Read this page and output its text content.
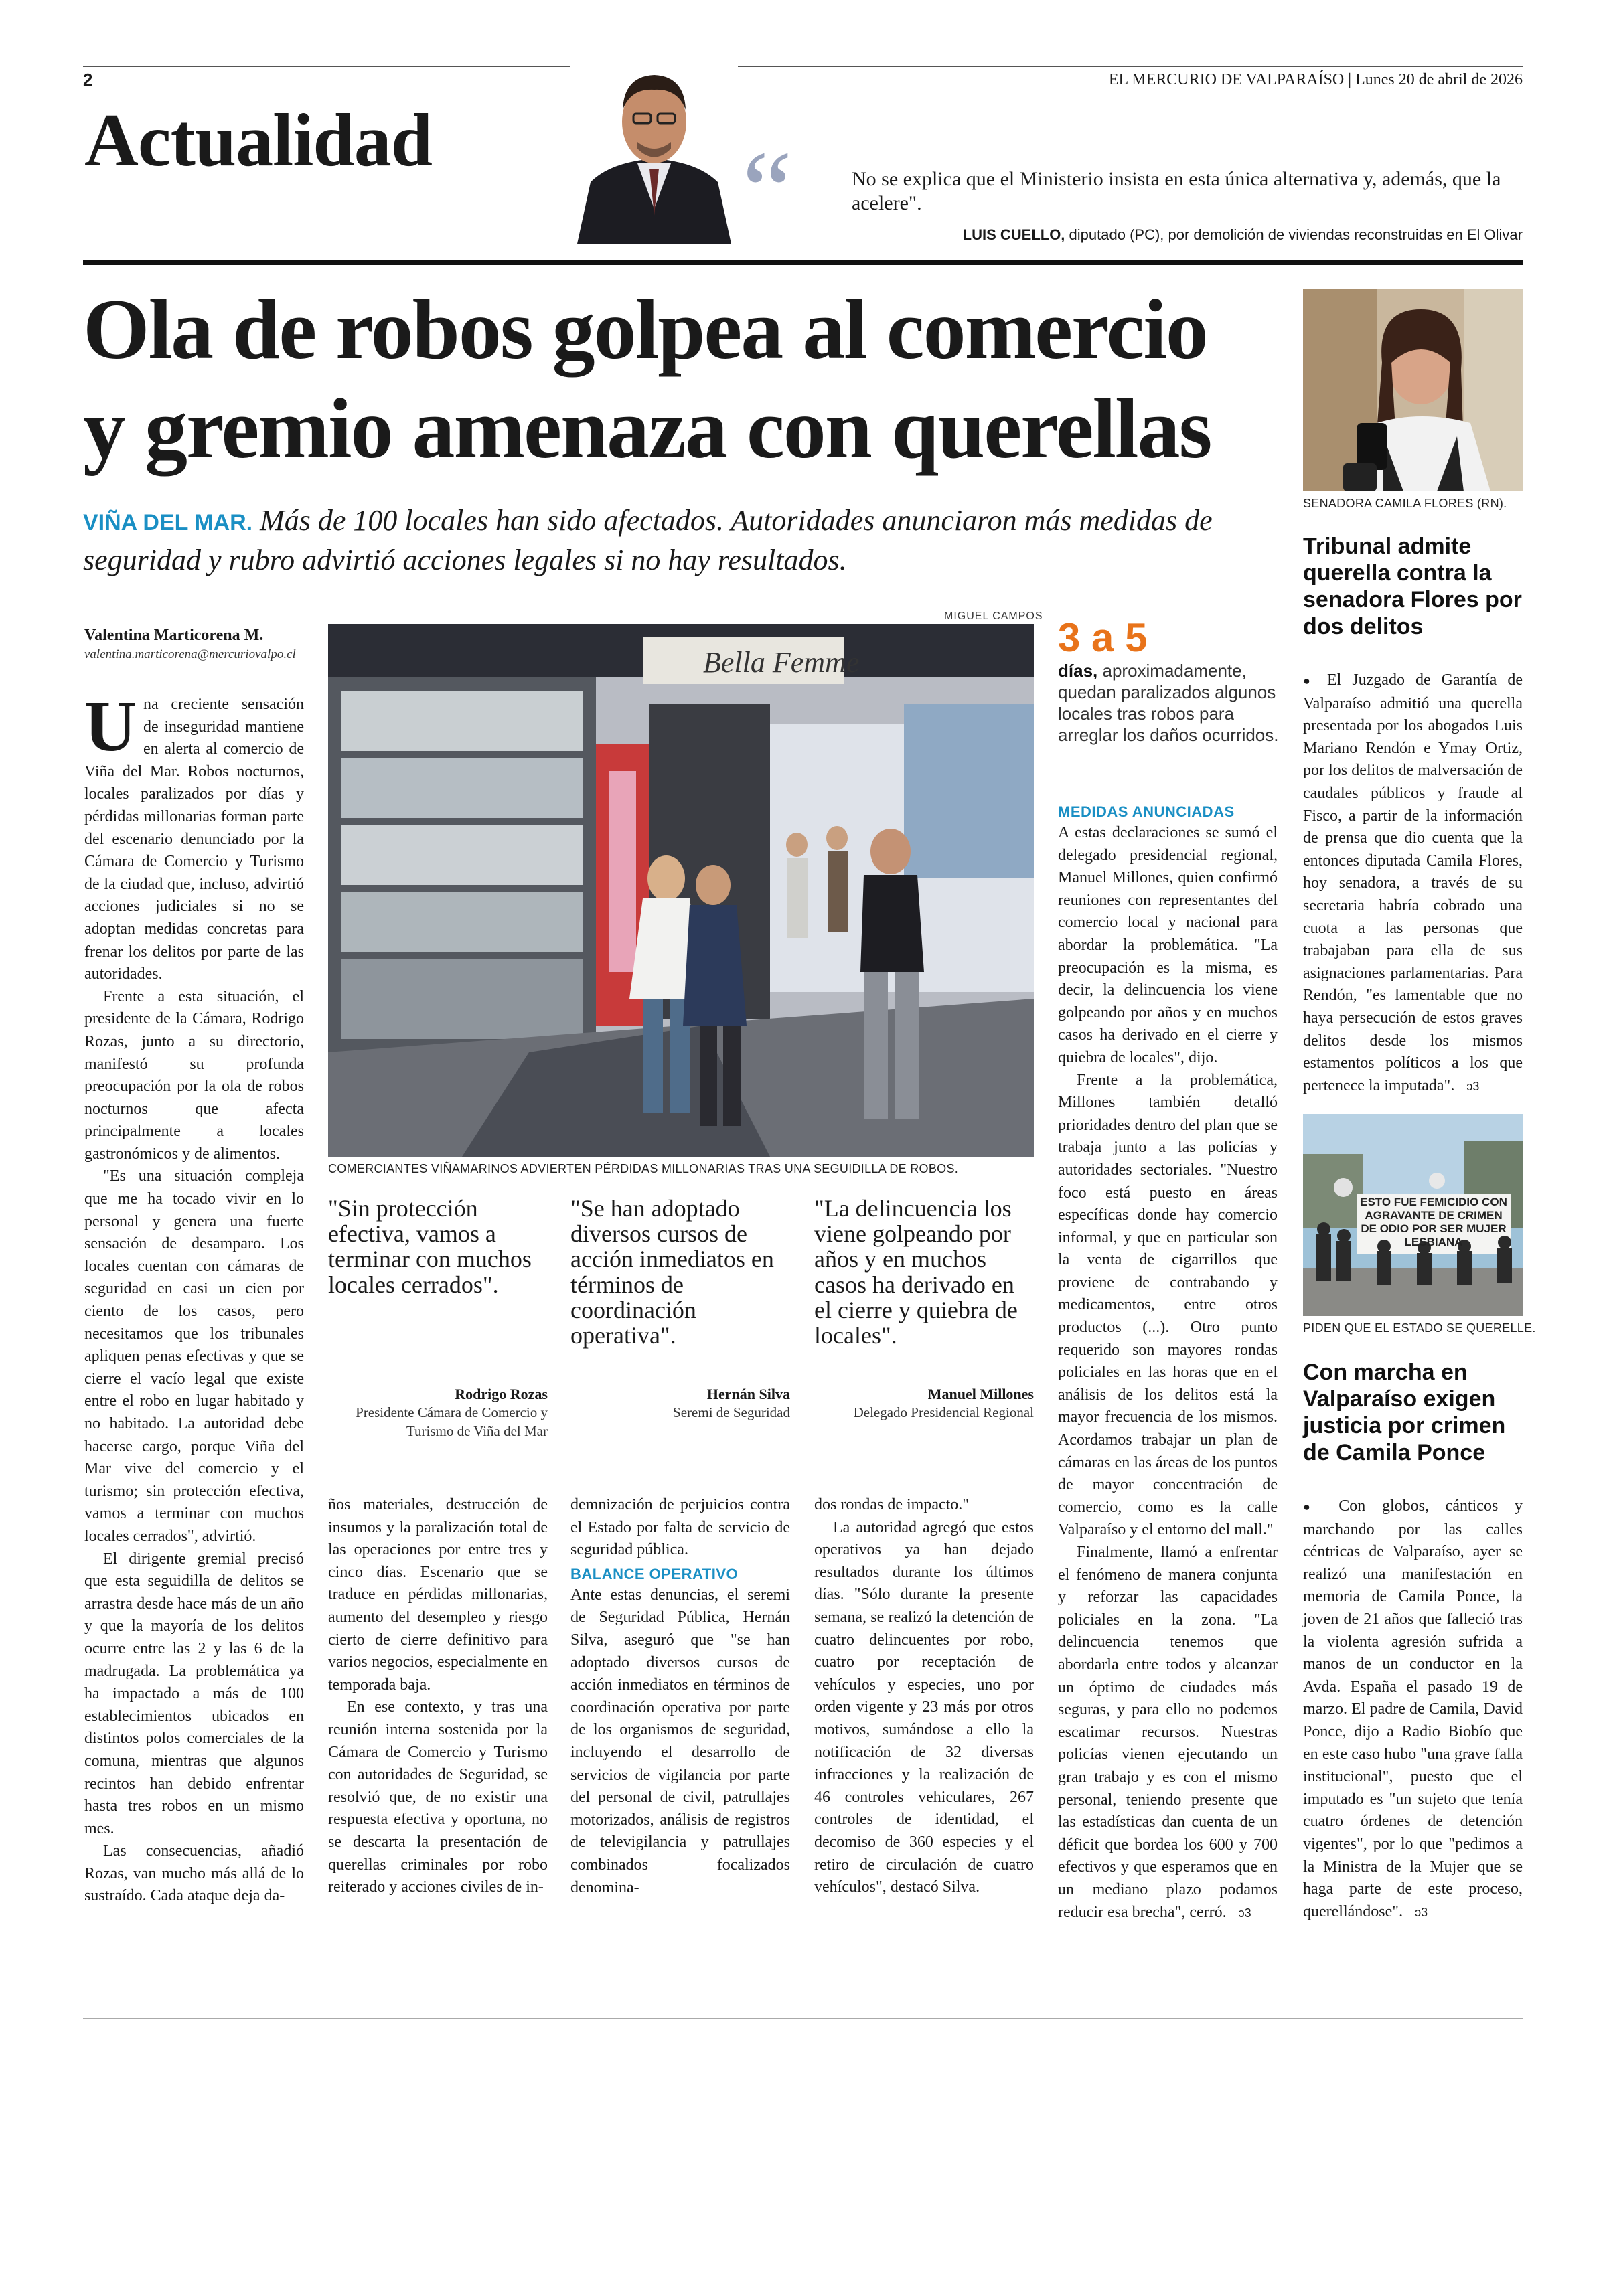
2	EL MERCURIO DE VALPARAÍSO | Lunes 20 de abril de 2026
Actualidad	“	No se explica que el Ministerio insista en esta única alternativa y, además, que la acelere".
LUIS CUELLO, diputado (PC), por demolición de viviendas reconstruidas en El Olivar
Ola de robos golpea al comercio
y gremio amenaza con querellas
VIÑA DEL MAR. Más de 100 locales han sido afectados. Autoridades anunciaron más medidas de seguridad y rubro advirtió acciones legales si no hay resultados.
Valentina Marticorena M.
valentina.marticorena@mercuriovalpo.cl
U na creciente sensación de inseguridad mantiene en alerta al comercio de Viña del Mar. Robos nocturnos, locales paralizados por días y pérdidas millonarias forman parte del escenario denunciado por la Cámara de Comercio y Turismo de la ciudad que, incluso, advirtió acciones judiciales si no se adoptan medidas concretas para frenar los delitos por parte de las autoridades.

Frente a esta situación, el presidente de la Cámara, Rodrigo Rozas, junto a su directorio, manifestó su profunda preocupación por la ola de robos nocturnos que afecta principalmente a locales gastronómicos y de alimentos.

"Es una situación compleja que me ha tocado vivir en lo personal y genera una fuerte sensación de desamparo. Los locales cuentan con cámaras de seguridad en casi un cien por ciento de los casos, pero necesitamos que los tribunales apliquen penas efectivas y que se cierre el vacío legal que existe entre el robo en lugar habitado y no habitado. La autoridad debe hacerse cargo, porque Viña del Mar vive del comercio y el turismo; sin protección efectiva, vamos a terminar con muchos locales cerrados", advirtió.

El dirigente gremial precisó que esta seguidilla de delitos se arrastra desde hace más de un año y que la mayoría de los delitos ocurre entre las 2 y las 6 de la madrugada. La problemática ya ha impactado a más de 100 establecimientos ubicados en distintos polos comerciales de la comuna, mientras que algunos recintos han debido enfrentar hasta tres robos en un mismo mes.

Las consecuencias, añadió Rozas, van mucho más allá de lo sustraído. Cada ataque deja da-

MIGUEL CAMPOS
Bella Femme
COMERCIANTES VIÑAMARINOS ADVIERTEN PÉRDIDAS MILLONARIAS TRAS UNA SEGUIDILLA DE ROBOS.
"Sin protección efectiva, vamos a terminar con muchos locales cerrados".
Rodrigo Rozas
Presidente Cámara de Comercio y Turismo de Viña del Mar
"Se han adoptado diversos cursos de acción inmediatos en términos de coordinación operativa".
Hernán Silva
Seremi de Seguridad
"La delincuencia los viene golpeando por años y en muchos casos ha derivado en el cierre y quiebra de locales".
Manuel Millones
Delegado Presidencial Regional

ños materiales, destrucción de insumos y la paralización total de las operaciones por entre tres y cinco días. Escenario que se traduce en pérdidas millonarias, aumento del desempleo y riesgo cierto de cierre definitivo para varios negocios, especialmente en temporada baja.

En ese contexto, y tras una reunión interna sostenida por la Cámara de Comercio y Turismo con autoridades de Seguridad, se resolvió que, de no existir una respuesta efectiva y oportuna, no se descarta la presentación de querellas criminales por robo reiterado y acciones civiles de in-

demnización de perjuicios contra el Estado por falta de servicio de seguridad pública.

BALANCE OPERATIVO

Ante estas denuncias, el seremi de Seguridad Pública, Hernán Silva, aseguró que "se han adoptado diversos cursos de acción inmediatos en términos de coordinación operativa por parte de los organismos de seguridad, incluyendo el desarrollo de servicios de vigilancia por parte del personal de civil, patrullajes motorizados, análisis de registros de televigilancia y patrullajes combinados focalizados denomina-

dos rondas de impacto."

La autoridad agregó que estos operativos ya han dejado resultados durante los últimos días. "Sólo durante la presente semana, se realizó la detención de cuatro delincuentes por robo, cuatro por receptación de vehículos y especies, uno por orden vigente y 23 más por otros motivos, sumándose a ello la notificación de 32 diversas infracciones y la realización de 46 controles vehiculares, 267 controles de identidad, el decomiso de 360 especies y el retiro de circulación de cuatro vehículos", destacó Silva.

3 a 5
días, aproximadamente, quedan paralizados algunos locales tras robos para arreglar los daños ocurridos.
MEDIDAS ANUNCIADAS

A estas declaraciones se sumó el delegado presidencial regional, Manuel Millones, quien confirmó reuniones con representantes del comercio local y nacional para abordar la problemática. "La preocupación es la misma, es decir, la delincuencia los viene golpeando por años y en muchos casos ha derivado en el cierre y quiebra de locales", dijo.

Frente a la problemática, Millones también detalló prioridades dentro del plan que se trabaja junto a las policías y autoridades sectoriales. "Nuestro foco está puesto en áreas específicas donde hay comercio informal, y que en particular son la venta de cigarrillos que proviene de contrabando y medicamentos, entre otros productos (...). Otro punto requerido son mayores rondas policiales en las horas que en el análisis de los delitos está la mayor frecuencia de los mismos. Acordamos trabajar un plan de cámaras en las áreas de los puntos de mayor concentración de comercio, como es la calle Valparaíso y el entorno del mall."

Finalmente, llamó a enfrentar el fenómeno de manera conjunta y reforzar las capacidades policiales en la zona. "La delincuencia tenemos que abordarla entre todos y alcanzar un óptimo de ciudades más seguras, y para ello no podemos escatimar recursos. Nuestras policías vienen ejecutando un gran trabajo y es con el mismo personal, teniendo presente que las estadísticas dan cuenta de un déficit que bordea los 600 y 700 efectivos y que esperamos que en un mediano plazo podamos reducir esa brecha", cerró. ↄ3

SENADORA CAMILA FLORES (RN).
Tribunal admite querella contra la senadora Flores por dos delitos

● El Juzgado de Garantía de Valparaíso admitió una querella presentada por los abogados Luis Mariano Rendón e Ymay Ortiz, por los delitos de malversación de caudales públicos y fraude al Fisco, a partir de la información de prensa que dio cuenta que la entonces diputada Camila Flores, hoy senadora, a través de su secretaria habría cobrado una cuota a las personas que trabajaban para ella de sus asignaciones parlamentarias. Para Rendón, "es lamentable que no haya persecución de estos graves delitos desde los mismos estamentos políticos a los que pertenece la imputada". ↄ3

ESTO FUE FEMICIDIO CON AGRAVANTE DE CRIMEN DE ODIO POR SER MUJER LESBIANA
PIDEN QUE EL ESTADO SE QUERELLE.
Con marcha en Valparaíso exigen justicia por crimen de Camila Ponce

● Con globos, cánticos y marchando por las calles céntricas de Valparaíso, ayer se realizó una manifestación en memoria de Camila Ponce, la joven de 21 años que falleció tras la violenta agresión sufrida a manos de un conductor en la Avda. España el pasado 19 de marzo. El padre de Camila, David Ponce, dijo a Radio Biobío que en este caso hubo "una grave falla institucional", puesto que el imputado es "un sujeto que tenía cuatro órdenes de detención vigentes", por lo que "pedimos a la Ministra de la Mujer que se haga parte de este proceso, querellándose". ↄ3
